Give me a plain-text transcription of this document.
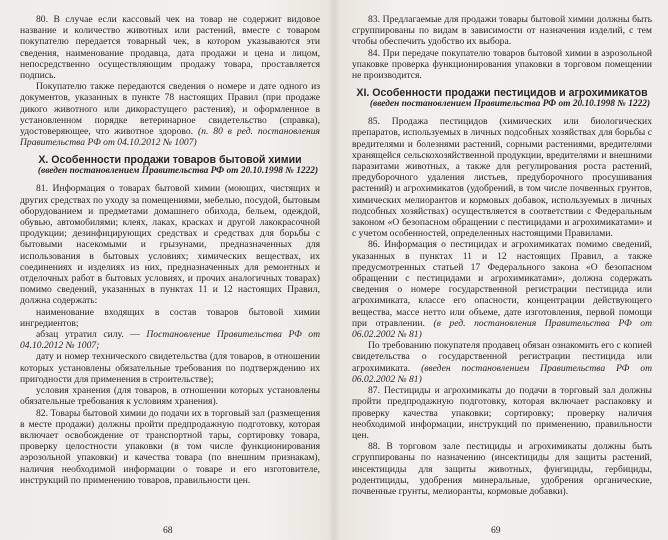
80. В случае если кассовый чек на товар не содержит видовое название и количество животных или растений, вместе с товаром покупателю передается товарный чек, в котором указываются эти сведения, наименование продавца, дата продажи и цена и лицом, непосредственно осуществляющим продажу товара, проставляется подпись.

Покупателю также передаются сведения о номере и дате одного из документов, указанных в пункте 78 настоящих Правил (при продаже дикого животного или дикорастущего растения), и оформленное в установленном порядке ветеринарное свидетельство (справка), удостоверяющее, что животное здорово. (п. 80 в ред. постановления Правительства РФ от 04.10.2012 № 1007)

X. Особенности продажи товаров бытовой химии

(введен постановлением Правительства РФ от 20.10.1998 № 1222)

81. Информация о товарах бытовой химии (моющих, чистящих и других средствах по уходу за помещениями, мебелью, посудой, бытовым оборудованием и предметами домашнего обихода, бельем, одеждой, обувью, автомобилями; клеях, лаках, красках и другой лакокрасочной продукции; дезинфицирующих средствах и средствах для борьбы с бытовыми насекомыми и грызунами, предназначенных для использования в бытовых условиях; химических веществах, их соединениях и изделиях из них, предназначенных для ремонтных и отделочных работ в бытовых условиях, и прочих аналогичных товарах) помимо сведений, указанных в пунктах 11 и 12 настоящих Правил, должна содержать:

наименование входящих в состав товаров бытовой химии ингредиентов;

абзац утратил силу. — Постановление Правительства РФ от 04.10.2012 № 1007;

дату и номер технического свидетельства (для товаров, в отношении которых установлены обязательные требования по подтверждению их пригодности для применения в строительстве);

условия хранения (для товаров, в отношении которых установлены обязательные требования к условиям хранения).

82. Товары бытовой химии до подачи их в торговый зал (размещения в месте продажи) должны пройти предпродажную подготовку, которая включает освобождение от транспортной тары, сортировку товара, проверку целостности упаковки (в том числе функционирования аэрозольной упаковки) и качества товара (по внешним признакам), наличия необходимой информации о товаре и его изготовителе, инструкций по применению товаров, правильности цен.

68

83. Предлагаемые для продажи товары бытовой химии должны быть сгруппированы по видам в зависимости от назначения изделий, с тем чтобы обеспечить удобство их выбора.

84. При передаче покупателю товаров бытовой химии в аэрозольной упаковке проверка функционирования упаковки в торговом помещении не производится.

XI. Особенности продажи пестицидов и агрохимикатов

(введен постановлением Правительства РФ от 20.10.1998 № 1222)

85. Продажа пестицидов (химических или биологических препаратов, используемых в личных подсобных хозяйствах для борьбы с вредителями и болезнями растений, сорными растениями, вредителями хранящейся сельскохозяйственной продукции, вредителями и внешними паразитами животных, а также для регулирования роста растений, предуборочного удаления листьев, предуборочного просушивания растений) и агрохимикатов (удобрений, в том числе почвенных грунтов, химических мелиорантов и кормовых добавок, используемых в личных подсобных хозяйствах) осуществляется в соответствии с Федеральным законом «О безопасном обращении с пестицидами и агрохимикатами» и с учетом особенностей, определенных настоящими Правилами.

86. Информация о пестицидах и агрохимикатах помимо сведений, указанных в пунктах 11 и 12 настоящих Правил, а также предусмотренных статьей 17 Федерального закона «О безопасном обращении с пестицидами и агрохимикатами», должна содержать сведения о номере государственной регистрации пестицида или агрохимиката, классе его опасности, концентрации действующего вещества, массе нетто или объеме, дате изготовления, первой помощи при отравлении. (в ред. постановления Правительства РФ от 06.02.2002 № 81)

По требованию покупателя продавец обязан ознакомить его с копией свидетельства о государственной регистрации пестицида или агрохимиката. (введен постановлением Правительства РФ от 06.02.2002 № 81)

87. Пестициды и агрохимикаты до подачи в торговый зал должны пройти предпродажную подготовку, которая включает распаковку и проверку качества упаковки; сортировку; проверку наличия необходимой информации, инструкций по применению, правильности цен.

88. В торговом зале пестициды и агрохимикаты должны быть сгруппированы по назначению (инсектициды для защиты растений, инсектициды для защиты животных, фунгициды, гербициды, родентициды, удобрения минеральные, удобрения органические, почвенные грунты, мелиоранты, кормовые добавки).

69
